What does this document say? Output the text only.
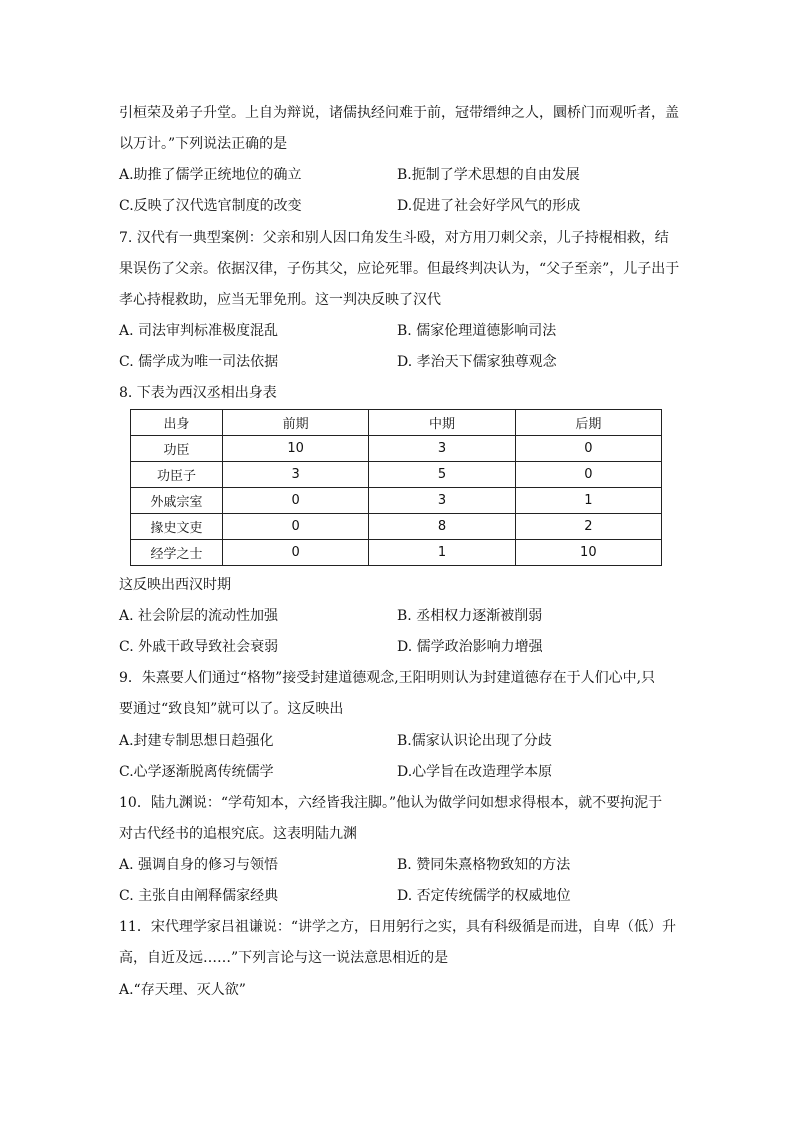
引桓荣及弟子升堂。上自为辩说，诸儒执经问难于前，冠带缙绅之人，圜桥门而观听者，盖
以万计。”下列说法正确的是
A.助推了儒学正统地位的确立	B.扼制了学术思想的自由发展
C.反映了汉代选官制度的改变	D.促进了社会好学风气的形成
7. 汉代有一典型案例：父亲和别人因口角发生斗殴，对方用刀刺父亲，儿子持棍相救，结
果误伤了父亲。依据汉律，子伤其父，应论死罪。但最终判决认为，“父子至亲”，儿子出于
孝心持棍救助，应当无罪免刑。这一判决反映了汉代
A. 司法审判标准极度混乱	B. 儒家伦理道德影响司法
C. 儒学成为唯一司法依据	D. 孝治天下儒家独尊观念
8. 下表为西汉丞相出身表
出身	前期	中期	后期
功臣	10	3	0
功臣子	3	5	0
外戚宗室	0	3	1
掾史文吏	0	8	2
经学之士	0	1	10
这反映出西汉时期
A. 社会阶层的流动性加强	B. 丞相权力逐渐被削弱
C. 外戚干政导致社会衰弱	D. 儒学政治影响力增强
9．朱熹要人们通过“格物”接受封建道德观念,王阳明则认为封建道德存在于人们心中,只
要通过“致良知”就可以了。这反映出
A.封建专制思想日趋强化	B.儒家认识论出现了分歧
C.心学逐渐脱离传统儒学	D.心学旨在改造理学本原
10．陆九渊说：“学苟知本，六经皆我注脚。”他认为做学问如想求得根本，就不要拘泥于
对古代经书的追根究底。这表明陆九渊
A. 强调自身的修习与领悟	B. 赞同朱熹格物致知的方法
C. 主张自由阐释儒家经典	D. 否定传统儒学的权威地位
11．宋代理学家吕祖谦说：“讲学之方，日用躬行之实，具有科级循是而进，自卑（低）升
高，自近及远……”下列言论与这一说法意思相近的是
A.“存天理、灭人欲”
